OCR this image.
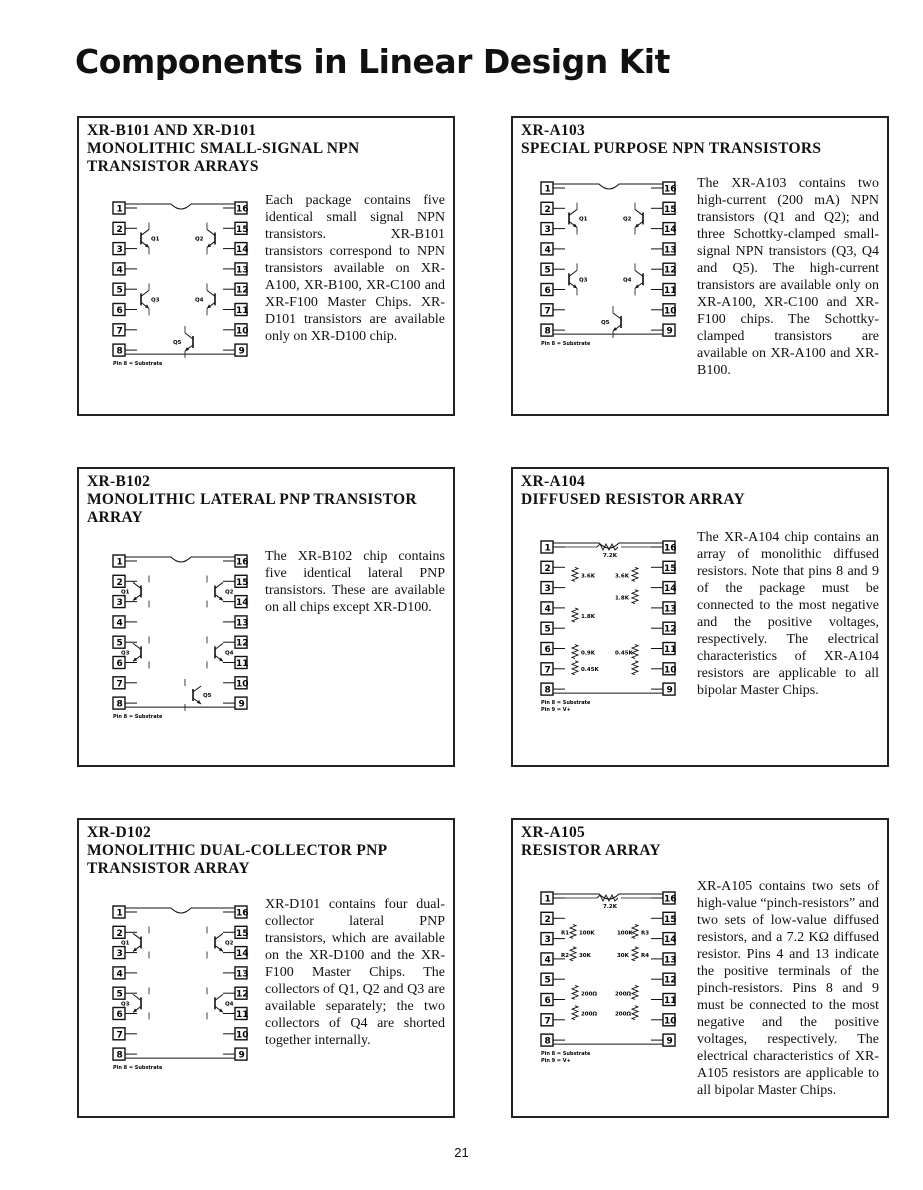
Components in Linear Design Kit
XR-B101 AND XR-D101
MONOLITHIC SMALL-SIGNAL NPN
TRANSISTOR ARRAYS
1
2
3
4
5
6
7
8
16
15
14
13
12
11
10
9
Q1	Q2
Q3	Q4
Q5
Pin 8 = Substrate
Each package contains five identical small signal NPN transistors. XR-B101 transistors correspond to NPN transistors available on XR-A100, XR-B100, XR-C100 and XR-F100 Master Chips. XR-D101 transistors are available only on XR-D100 chip.
XR-A103
SPECIAL PURPOSE NPN TRANSISTORS
1
2
3
4
5
6
7
8
16
15
14
13
12
11
10
9
Q1	Q2
Q3	Q4
Q5
Pin 8 = Substrate
The XR-A103 contains two high-current (200 mA) NPN transistors (Q1 and Q2); and three Schottky-clamped small-signal NPN transistors (Q3, Q4 and Q5). The high-current transistors are available only on XR-A100, XR-C100 and XR-F100 chips. The Schottky-clamped transistors are available on XR-A100 and XR-B100.
XR-B102
MONOLITHIC LATERAL PNP TRANSISTOR
ARRAY
1
2
3
4
5
6
7
8
16
15
14
13
12
11
10
9
Q1	Q2
Q3	Q4
Q5
Pin 8 = Substrate
The XR-B102 chip contains five identical lateral PNP transistors. These are available on all chips except XR-D100.
XR-A104
DIFFUSED RESISTOR ARRAY
1
2
3
4
5
6
7
8
16
15
14
13
12
11
10
9
7.2K
3.6K	3.6K
1.8K
1.8K
0.9K	0.45K
0.45K
Pin 8 = Substrate
Pin 9 = V+
The XR-A104 chip contains an array of monolithic diffused resistors. Note that pins 8 and 9 of the package must be connected to the most negative and the positive voltages, respectively. The electrical characteristics of XR-A104 resistors are applicable to all bipolar Master Chips.
XR-D102
MONOLITHIC DUAL-COLLECTOR PNP
TRANSISTOR ARRAY
1
2
3
4
5
6
7
8
16
15
14
13
12
11
10
9
Q1	Q2
Q3	Q4
Pin 8 = Substrate
XR-D101 contains four dual-collector lateral PNP transistors, which are available on the XR-D100 and the XR-F100 Master Chips. The collectors of Q1, Q2 and Q3 are available separately; the two collectors of Q4 are shorted together internally.
XR-A105
RESISTOR ARRAY
1
2
3
4
5
6
7
8
16
15
14
13
12
11
10
9
7.2K
R1 100K	100K R3
R2 30K	30K R4
200Ω	200Ω
200Ω	200Ω
Pin 8 = Substrate
Pin 9 = V+
XR-A105 contains two sets of high-value “pinch-resistors” and two sets of low-value diffused resistors, and a 7.2 KΩ diffused resistor. Pins 4 and 13 indicate the positive terminals of the pinch-resistors. Pins 8 and 9 must be connected to the most negative and the positive voltages, respectively. The electrical characteristics of XR-A105 resistors are applicable to all bipolar Master Chips.
21
